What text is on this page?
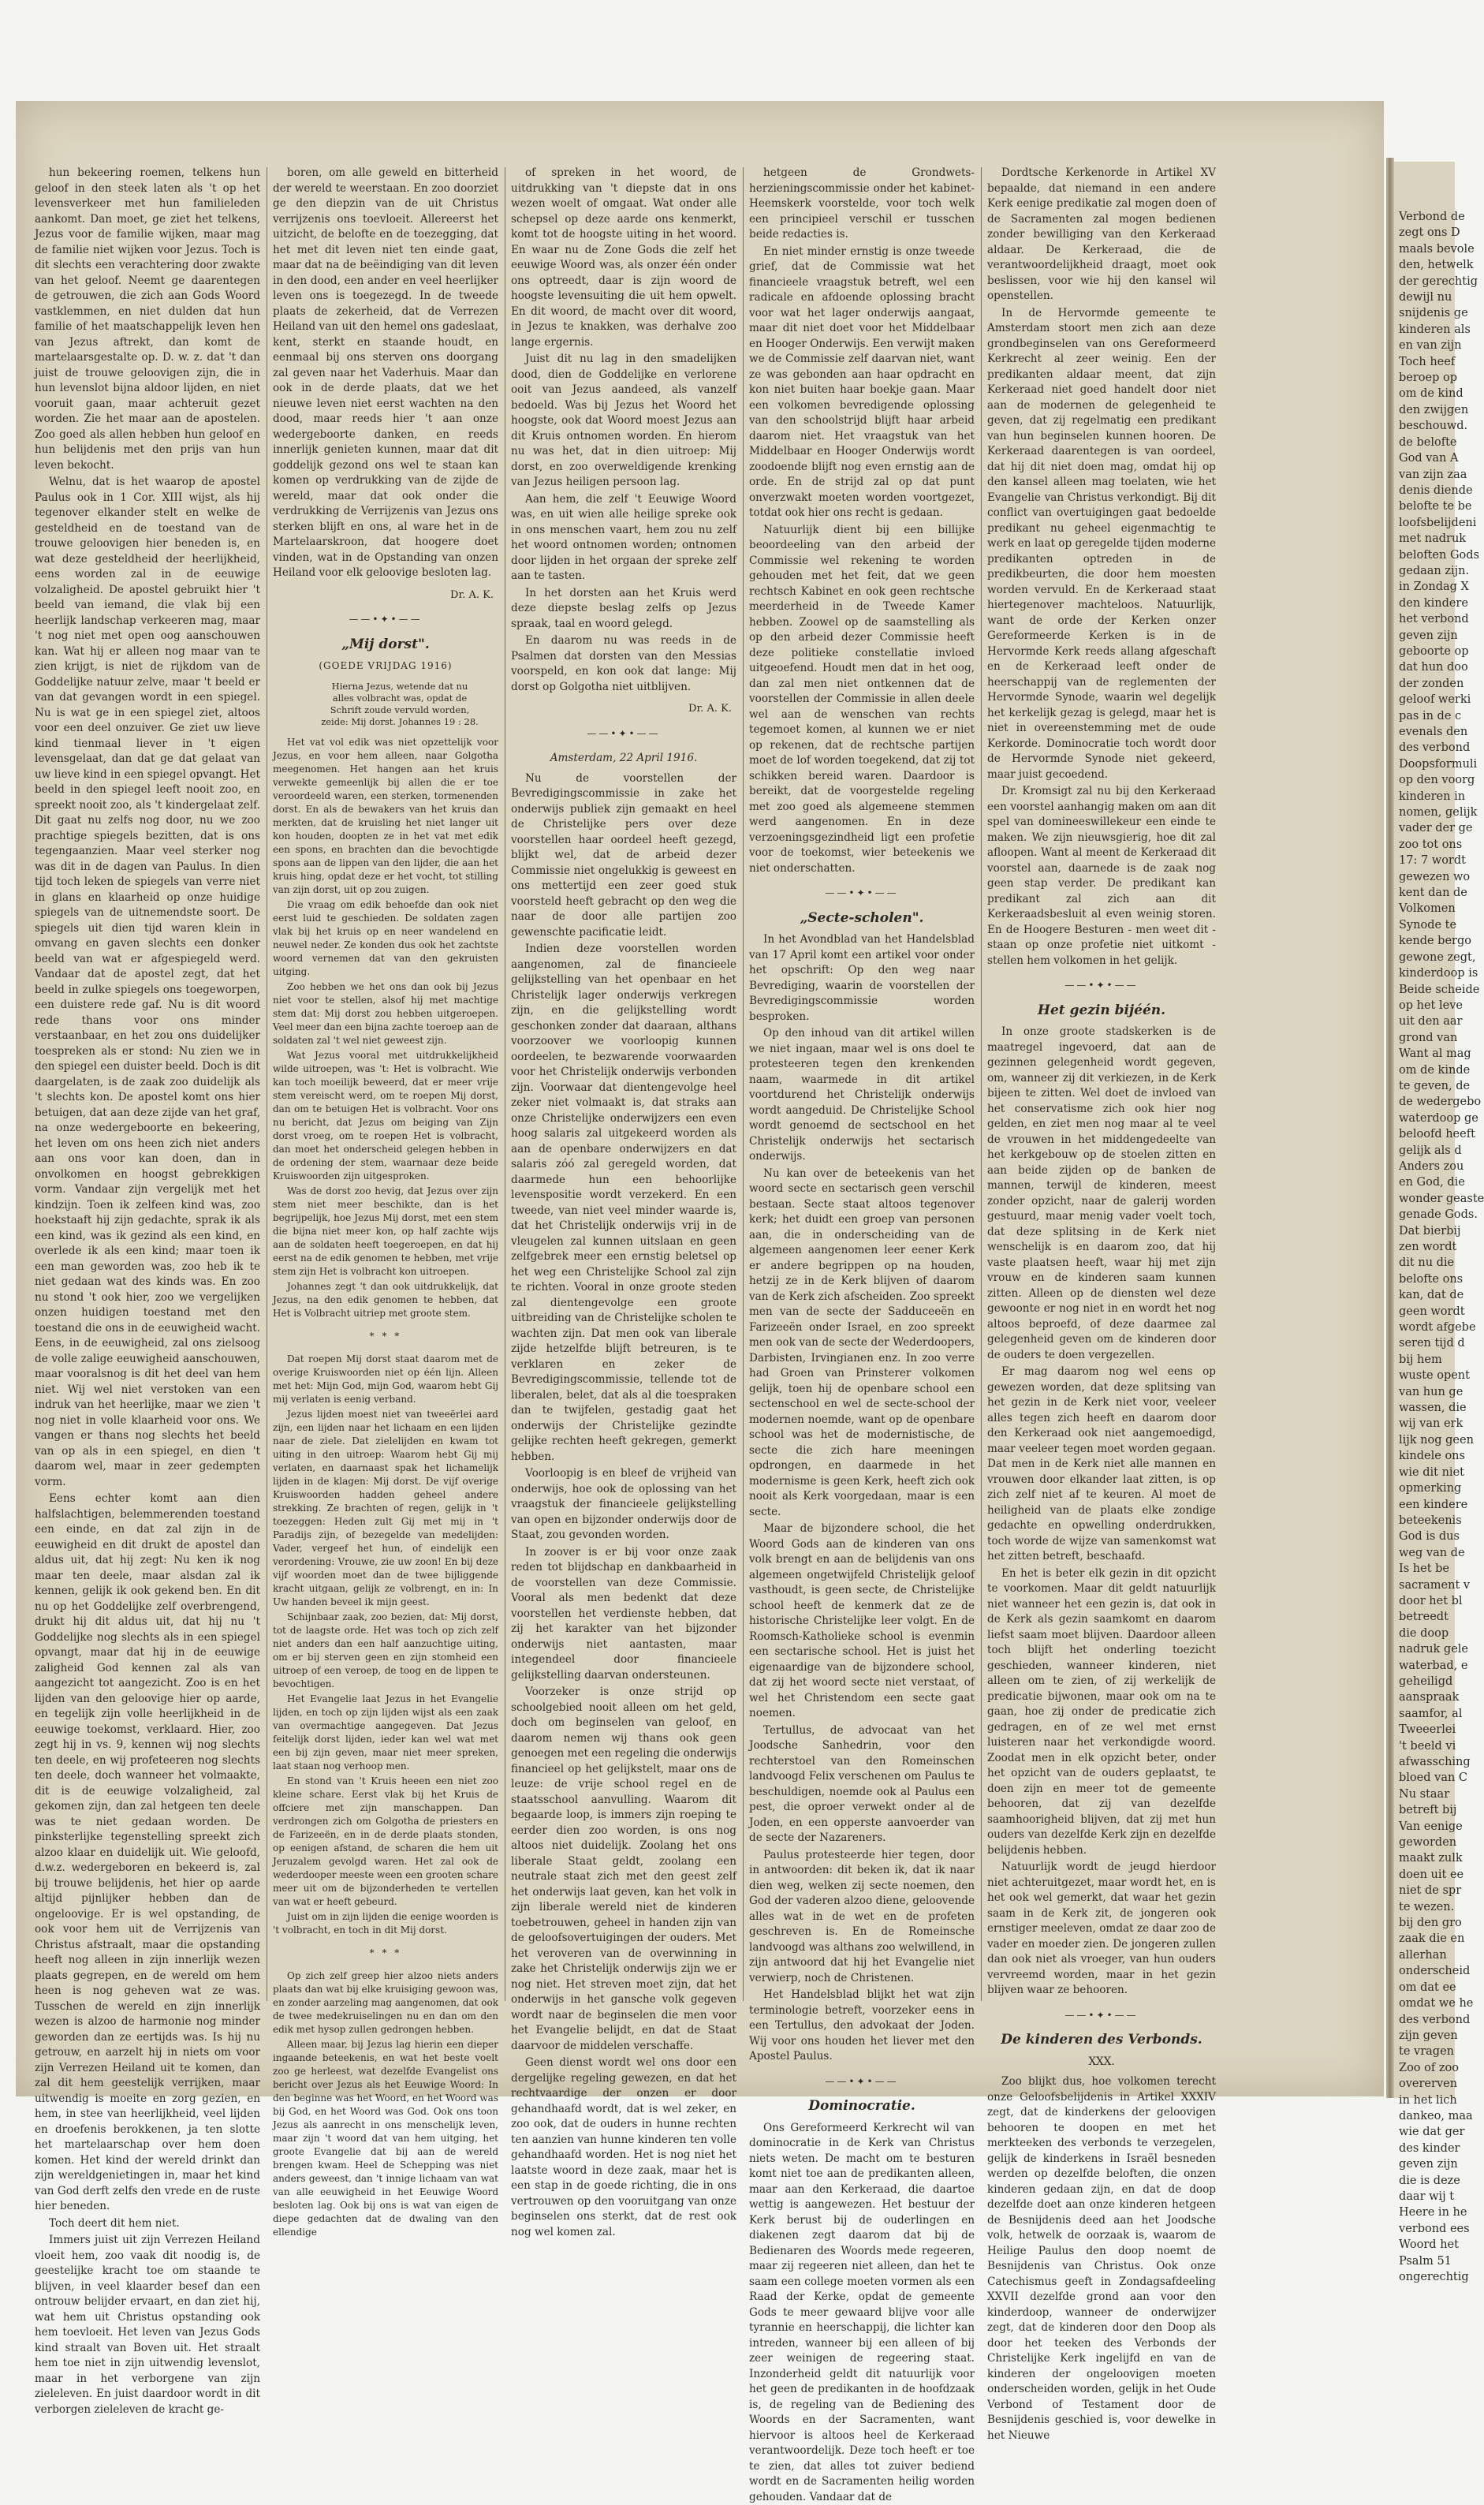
Verbond de
zegt ons D
maals bevole
den, hetwelk
der gerechtig
dewijl nu
snijdenis ge
kinderen als
en van zijn
Toch heef
beroep op
om de kind
den zwijgen
beschouwd.
de belofte
God van A
van zijn zaa
denis diende
belofte te be
loofsbelijdeni
met nadruk
beloften Gods
gedaan zijn.
in Zondag X
den kindere
het verbond
geven zijn
geboorte op
dat hun doo
der zonden
geloof werki
pas in de c
evenals den
des verbond
Doopsformuli
op den voorg
kinderen in
nomen, gelijk
vader der ge
zoo tot ons
17: 7 wordt
gewezen wo
kent dan de
Volkomen
Synode te
kende bergo
gewone zegt,
kinderdoop is
Beide scheide
op het leve
uit den aar
grond van
Want al mag
om de kinde
te geven, de
de wedergebo
waterdoop ge
beloofd heeft
gelijk als d
Anders zou
en God, die
wonder geaste
genade Gods.
Dat bierbij
zen wordt
dit nu die
belofte ons
kan, dat de
geen wordt
wordt afgebe
seren tijd d
bij hem
wuste opent
van hun ge
wassen, die
wij van erk
lijk nog geen
kindele ons
wie dit niet
opmerking
een kindere
beteekenis
God is dus
weg van de
Is het be
sacrament v
door het bl
betreedt
die doop
nadruk gele
waterbad, e
geheiligd
aanspraak
saamfor, al
Tweeerlei
't beeld vi
afwassching
bloed van C
Nu staar
betreft bij
Van eenige
geworden
maakt zulk
doen uit ee
niet de spr
te wezen.
bij den gro
zaak die en
allerhan
onderscheid
om dat ee
omdat we he
des verbond
zijn geven
te vragen
Zoo of zoo
overerven
in het lich
dankeo, maa
wie dat ger
des kinder
geven zijn
die is deze
daar wij t
Heere in he
verbond ees
Woord het
Psalm 51
ongerechtig

hun bekeering roemen, telkens hun geloof in den steek laten als 't op het levensverkeer met hun familieleden aankomt. Dan moet, ge ziet het telkens, Jezus voor de familie wijken, maar mag de familie niet wijken voor Jezus. Toch is dit slechts een verachtering door zwakte van het geloof. Neemt ge daarentegen de getrouwen, die zich aan Gods Woord vastklemmen, en niet dulden dat hun familie of het maatschappelijk leven hen van Jezus aftrekt, dan komt de martelaarsgestalte op. D. w. z. dat 't dan juist de trouwe geloovigen zijn, die in hun levenslot bijna aldoor lijden, en niet vooruit gaan, maar achteruit gezet worden. Zie het maar aan de apostelen. Zoo goed als allen hebben hun geloof en hun belijdenis met den prijs van hun leven bekocht.

Welnu, dat is het waarop de apostel Paulus ook in 1 Cor. XIII wijst, als hij tegenover elkander stelt en welke de gesteldheid en de toestand van de trouwe geloovigen hier beneden is, en wat deze gesteldheid der heerlijkheid, eens worden zal in de eeuwige volzaligheid. De apostel gebruikt hier 't beeld van iemand, die vlak bij een heerlijk landschap verkeeren mag, maar 't nog niet met open oog aanschouwen kan. Wat hij er alleen nog maar van te zien krijgt, is niet de rijkdom van de Goddelijke natuur zelve, maar 't beeld er van dat gevangen wordt in een spiegel. Nu is wat ge in een spiegel ziet, altoos voor een deel onzuiver. Ge ziet uw lieve kind tienmaal liever in 't eigen levensgelaat, dan dat ge dat gelaat van uw lieve kind in een spiegel opvangt. Het beeld in den spiegel leeft nooit zoo, en spreekt nooit zoo, als 't kindergelaat zelf. Dit gaat nu zelfs nog door, nu we zoo prachtige spiegels bezitten, dat is ons tegengaanzien. Maar veel sterker nog was dit in de dagen van Paulus. In dien tijd toch leken de spiegels van verre niet in glans en klaarheid op onze huidige spiegels van de uitnemendste soort. De spiegels uit dien tijd waren klein in omvang en gaven slechts een donker beeld van wat er afgespiegeld werd. Vandaar dat de apostel zegt, dat het beeld in zulke spiegels ons toegeworpen, een duistere rede gaf. Nu is dit woord rede thans voor ons minder verstaanbaar, en het zou ons duidelijker toespreken als er stond: Nu zien we in den spiegel een duister beeld. Doch is dit daargelaten, is de zaak zoo duidelijk als 't slechts kon. De apostel komt ons hier betuigen, dat aan deze zijde van het graf, na onze wedergeboorte en bekeering, het leven om ons heen zich niet anders aan ons voor kan doen, dan in onvolkomen en hoogst gebrekkigen vorm. Vandaar zijn vergelijk met het kindzijn. Toen ik zelfeen kind was, zoo hoekstaaft hij zijn gedachte, sprak ik als een kind, was ik gezind als een kind, en overlede ik als een kind; maar toen ik een man geworden was, zoo heb ik te niet gedaan wat des kinds was. En zoo nu stond 't ook hier, zoo we vergelijken onzen huidigen toestand met den toestand die ons in de eeuwigheid wacht. Eens, in de eeuwigheid, zal ons zielsoog de volle zalige eeuwigheid aanschouwen, maar vooralsnog is dit het deel van hem niet. Wij wel niet verstoken van een indruk van het heerlijke, maar we zien 't nog niet in volle klaarheid voor ons. We vangen er thans nog slechts het beeld van op als in een spiegel, en dien 't daarom wel, maar in zeer gedempten vorm.

Eens echter komt aan dien halfslachtigen, belemmerenden toestand een einde, en dat zal zijn in de eeuwigheid en dit drukt de apostel dan aldus uit, dat hij zegt: Nu ken ik nog maar ten deele, maar alsdan zal ik kennen, gelijk ik ook gekend ben. En dit nu op het Goddelijke zelf overbrengend, drukt hij dit aldus uit, dat hij nu 't Goddelijke nog slechts als in een spiegel opvangt, maar dat hij in de eeuwige zaligheid God kennen zal als van aangezicht tot aangezicht. Zoo is en het lijden van den geloovige hier op aarde, en tegelijk zijn volle heerlijkheid in de eeuwige toekomst, verklaard. Hier, zoo zegt hij in vs. 9, kennen wij nog slechts ten deele, en wij profeteeren nog slechts ten deele, doch wanneer het volmaakte, dit is de eeuwige volzaligheid, zal gekomen zijn, dan zal hetgeen ten deele was te niet gedaan worden. De pinksterlijke tegenstelling spreekt zich alzoo klaar en duidelijk uit. Wie geloofd, d.w.z. wedergeboren en bekeerd is, zal bij trouwe belijdenis, het hier op aarde altijd pijnlijker hebben dan de ongeloovige. Er is wel opstanding, de ook voor hem uit de Verrijzenis van Christus afstraalt, maar die opstanding heeft nog alleen in zijn innerlijk wezen plaats gegrepen, en de wereld om hem heen is nog geheven wat ze was. Tusschen de wereld en zijn innerlijk wezen is alzoo de harmonie nog minder geworden dan ze eertijds was. Is hij nu getrouw, en aarzelt hij in niets om voor zijn Verrezen Heiland uit te komen, dan zal dit hem geestelijk verrijken, maar uitwendig is moeite en zorg gezien, en hem, in stee van heerlijkheid, veel lijden en droefenis berokkenen, ja ten slotte het martelaarschap over hem doen komen. Het kind der wereld drinkt dan zijn wereldgenietingen in, maar het kind van God derft zelfs den vrede en de ruste hier beneden.

Toch deert dit hem niet.

Immers juist uit zijn Verrezen Heiland vloeit hem, zoo vaak dit noodig is, de geestelijke kracht toe om staande te blijven, in veel klaarder besef dan een ontrouw belijder ervaart, en dan ziet hij, wat hem uit Christus opstanding ook hem toevloeit. Het leven van Jezus Gods kind straalt van Boven uit. Het straalt hem toe niet in zijn uitwendig levenslot, maar in het verborgene van zijn zieleleven. En juist daardoor wordt in dit verborgen zieleleven de kracht ge-

boren, om alle geweld en bitterheid der wereld te weerstaan. En zoo doorziet ge den diepzin van de uit Christus verrijzenis ons toevloeit. Allereerst het uitzicht, de belofte en de toezegging, dat het met dit leven niet ten einde gaat, maar dat na de beëindiging van dit leven in den dood, een ander en veel heerlijker leven ons is toegezegd. In de tweede plaats de zekerheid, dat de Verrezen Heiland van uit den hemel ons gadeslaat, kent, sterkt en staande houdt, en eenmaal bij ons sterven ons doorgang zal geven naar het Vaderhuis. Maar dan ook in de derde plaats, dat we het nieuwe leven niet eerst wachten na den dood, maar reeds hier 't aan onze wedergeboorte danken, en reeds innerlijk genieten kunnen, maar dat dit goddelijk gezond ons wel te staan kan komen op verdrukking van de zijde de wereld, maar dat ook onder die verdrukking de Verrijzenis van Jezus ons sterken blijft en ons, al ware het in de Martelaarskroon, dat hoogere doet vinden, wat in de Opstanding van onzen Heiland voor elk geloovige besloten lag.

Dr. A. K.

——•✦•——

„Mij dorst".

(GOEDE VRIJDAG 1916)

Hierna Jezus, wetende dat nu alles volbracht was, opdat de Schrift zoude vervuld worden, zeide: Mij dorst. Johannes 19 : 28.

Het vat vol edik was niet opzettelijk voor Jezus, en voor hem alleen, naar Golgotha meegenomen. Het hangen aan het kruis verwekte gemeenlijk bij allen die er toe veroordeeld waren, een sterken, tormenenden dorst. En als de bewakers van het kruis dan merkten, dat de kruisling het niet langer uit kon houden, doopten ze in het vat met edik een spons, en brachten dan die bevochtigde spons aan de lippen van den lijder, die aan het kruis hing, opdat deze er het vocht, tot stilling van zijn dorst, uit op zou zuigen.

Die vraag om edik behoefde dan ook niet eerst luid te geschieden. De soldaten zagen vlak bij het kruis op en neer wandelend en neuwel neder. Ze konden dus ook het zachtste woord vernemen dat van den gekruisten uitging.

Zoo hebben we het ons dan ook bij Jezus niet voor te stellen, alsof hij met machtige stem dat: Mij dorst zou hebben uitgeroepen. Veel meer dan een bijna zachte toeroep aan de soldaten zal 't wel niet geweest zijn.

Wat Jezus vooral met uitdrukkelijkheid wilde uitroepen, was 't: Het is volbracht. Wie kan toch moeilijk beweerd, dat er meer vrije stem vereischt werd, om te roepen Mij dorst, dan om te betuigen Het is volbracht. Voor ons nu bericht, dat Jezus om beiging van Zijn dorst vroeg, om te roepen Het is volbracht, dan moet het onderscheid gelegen hebben in de ordening der stem, waarnaar deze beide Kruiswoorden zijn uitgesproken.

Was de dorst zoo hevig, dat Jezus over zijn stem niet meer beschikte, dan is het begrijpelijk, hoe Jezus Mij dorst, met een stem die bijna niet meer kon, op half zachte wijs aan de soldaten heeft toegeroepen, en dat hij eerst na de edik genomen te hebben, met vrije stem zijn Het is volbracht kon uitroepen.

Johannes zegt 't dan ook uitdrukkelijk, dat Jezus, na den edik genomen te hebben, dat Het is Volbracht uitriep met groote stem.

* * *

Dat roepen Mij dorst staat daarom met de overige Kruiswoorden niet op één lijn. Alleen met het: Mijn God, mijn God, waarom hebt Gij mij verlaten is eenig verband.

Jezus lijden moest niet van tweeërlei aard zijn, een lijden naar het lichaam en een lijden naar de ziele. Dat zielelijden en kwam tot uiting in den uitroep: Waarom hebt Gij mij verlaten, en daarnaast spak het lichamelijk lijden in de klagen: Mij dorst. De vijf overige Kruiswoorden hadden geheel andere strekking. Ze brachten of regen, gelijk in 't toezeggen: Heden zult Gij met mij in 't Paradijs zijn, of bezegelde van medelijden: Vader, vergeef het hun, of eindelijk een verordening: Vrouwe, zie uw zoon! En bij deze vijf woorden moet dan de twee bijliggende kracht uitgaan, gelijk ze volbrengt, en in: In Uw handen beveel ik mijn geest.

Schijnbaar zaak, zoo bezien, dat: Mij dorst, tot de laagste orde. Het was toch op zich zelf niet anders dan een half aanzuchtige uiting, om er bij sterven geen en zijn stomheid een uitroep of een veroep, de toog en de lippen te bevochtigen.

Het Evangelie laat Jezus in het Evangelie lijden, en toch op zijn lijden wijst als een zaak van overmachtige aangegeven. Dat Jezus feitelijk dorst lijden, ieder kan wel wat met een bij zijn geven, maar niet meer spreken, laat staan nog verhoop men.

En stond van 't Kruis heeen een niet zoo kleine schare. Eerst vlak bij het Kruis de offciere met zijn manschappen. Dan verdrongen zich om Golgotha de priesters en de Farizeeën, en in de derde plaats stonden, op eenigen afstand, de scharen die hem uit Jeruzalem gevolgd waren. Het zal ook de wederdooper meeste ween een grooten schare meer uit om de bijzonderheden te vertellen van wat er heeft gebeurd.

Juist om in zijn lijden die eenige woorden is 't volbracht, en toch in dit Mij dorst.

* * *

Op zich zelf greep hier alzoo niets anders plaats dan wat bij elke kruisiging gewoon was, en zonder aarzeling mag aangenomen, dat ook de twee medekruiselingen nu en dan om den edik met hysop zullen gedrongen hebben.

Alleen maar, bij Jezus lag hierin een dieper ingaande beteekenis, en wat het beste voelt zoo ge herleest, wat dezelfde Evangelist ons bericht over Jezus als het Eeuwige Woord: In den beginne was het Woord, en het Woord was bij God, en het Woord was God. Ook ons toon Jezus als aanrecht in ons menschelijk leven, maar zijn 't woord dat van hem uitging, het groote Evangelie dat bij aan de wereld brengen kwam. Heel de Schepping was niet anders geweest, dan 't innige lichaam van wat van alle eeuwigheid in het Eeuwige Woord besloten lag. Ook bij ons is wat van eigen de diepe gedachten dat de dwaling van den ellendige

of spreken in het woord, de uitdrukking van 't diepste dat in ons wezen woelt of omgaat. Wat onder alle schepsel op deze aarde ons kenmerkt, komt tot de hoogste uiting in het woord. En waar nu de Zone Gods die zelf het eeuwige Woord was, als onzer één onder ons optreedt, daar is zijn woord de hoogste levensuiting die uit hem opwelt. En dit woord, de macht over dit woord, in Jezus te knakken, was derhalve zoo lange ergernis.

Juist dit nu lag in den smadelijken dood, dien de Goddelijke en verlorene ooit van Jezus aandeed, als vanzelf bedoeld. Was bij Jezus het Woord het hoogste, ook dat Woord moest Jezus aan dit Kruis ontnomen worden. En hierom nu was het, dat in dien uitroep: Mij dorst, en zoo overweldigende krenking van Jezus heiligen persoon lag.

Aan hem, die zelf 't Eeuwige Woord was, en uit wien alle heilige spreke ook in ons menschen vaart, hem zou nu zelf het woord ontnomen worden; ontnomen door lijden in het orgaan der spreke zelf aan te tasten.

In het dorsten aan het Kruis werd deze diepste beslag zelfs op Jezus spraak, taal en woord gelegd.

En daarom nu was reeds in de Psalmen dat dorsten van den Messias voorspeld, en kon ook dat lange: Mij dorst op Golgotha niet uitblijven.

Dr. A. K.

——•✦•——

Amsterdam, 22 April 1916.

Nu de voorstellen der Bevredigingscommissie in zake het onderwijs publiek zijn gemaakt en heel de Christelijke pers over deze voorstellen haar oordeel heeft gezegd, blijkt wel, dat de arbeid dezer Commissie niet ongelukkig is geweest en ons mettertijd een zeer goed stuk voorsteld heeft gebracht op den weg die naar de door alle partijen zoo gewenschte pacificatie leidt.

Indien deze voorstellen worden aangenomen, zal de financieele gelijkstelling van het openbaar en het Christelijk lager onderwijs verkregen zijn, en die gelijkstelling wordt geschonken zonder dat daaraan, althans voorzoover we voorloopig kunnen oordeelen, te bezwarende voorwaarden voor het Christelijk onderwijs verbonden zijn. Voorwaar dat dientengevolge heel zeker niet volmaakt is, dat straks aan onze Christelijke onderwijzers een even hoog salaris zal uitgekeerd worden als aan de openbare onderwijzers en dat salaris zóó zal geregeld worden, dat daarmede hun een behoorlijke levenspositie wordt verzekerd. En een tweede, van niet veel minder waarde is, dat het Christelijk onderwijs vrij in de vleugelen zal kunnen uitslaan en geen zelfgebrek meer een ernstig beletsel op het weg een Christelijke School zal zijn te richten. Vooral in onze groote steden zal dientengevolge een groote uitbreiding van de Christelijke scholen te wachten zijn. Dat men ook van liberale zijde hetzelfde blijft betreuren, is te verklaren en zeker de Bevredigingscommissie, tellende tot de liberalen, belet, dat als al die toespraken dan te twijfelen, gestadig gaat het onderwijs der Christelijke gezindte gelijke rechten heeft gekregen, gemerkt hebben.

Voorloopig is en bleef de vrijheid van onderwijs, hoe ook de oplossing van het vraagstuk der financieele gelijkstelling van open en bijzonder onderwijs door de Staat, zou gevonden worden.

In zoover is er bij voor onze zaak reden tot blijdschap en dankbaarheid in de voorstellen van deze Commissie. Vooral als men bedenkt dat deze voorstellen het verdienste hebben, dat zij het karakter van het bijzonder onderwijs niet aantasten, maar integendeel door financieele gelijkstelling daarvan ondersteunen.

Voorzeker is onze strijd op schoolgebied nooit alleen om het geld, doch om beginselen van geloof, en daarom nemen wij thans ook geen genoegen met een regeling die onderwijs financieel op het gelijkstelt, maar ons de leuze: de vrije school regel en de staatsschool aanvulling. Waarom dit begaarde loop, is immers zijn roeping te eerder dien zoo worden, is ons nog altoos niet duidelijk. Zoolang het ons liberale Staat geldt, zoolang een neutrale staat zich met den geest zelf het onderwijs laat geven, kan het volk in zijn liberale wereld niet de kinderen toebetrouwen, geheel in handen zijn van de geloofsovertuigingen der ouders. Met het veroveren van de overwinning in zake het Christelijk onderwijs zijn we er nog niet. Het streven moet zijn, dat het onderwijs in het gansche volk gegeven wordt naar de beginselen die men voor het Evangelie belijdt, en dat de Staat daarvoor de middelen verschaffe.

Geen dienst wordt wel ons door een dergelijke regeling gewezen, en dat het rechtvaardige der onzen er door gehandhaafd wordt, dat is wel zeker, en zoo ook, dat de ouders in hunne rechten ten aanzien van hunne kinderen ten volle gehandhaafd worden. Het is nog niet het laatste woord in deze zaak, maar het is een stap in de goede richting, die in ons vertrouwen op den vooruitgang van onze beginselen ons sterkt, dat de rest ook nog wel komen zal.

hetgeen de Grondwets-herzieningscommissie onder het kabinet-Heemskerk voorstelde, voor toch welk een principieel verschil er tusschen beide redacties is.

En niet minder ernstig is onze tweede grief, dat de Commissie wat het financieele vraagstuk betreft, wel een radicale en afdoende oplossing bracht voor wat het lager onderwijs aangaat, maar dit niet doet voor het Middelbaar en Hooger Onderwijs. Een verwijt maken we de Commissie zelf daarvan niet, want ze was gebonden aan haar opdracht en kon niet buiten haar boekje gaan. Maar een volkomen bevredigende oplossing van den schoolstrijd blijft haar arbeid daarom niet. Het vraagstuk van het Middelbaar en Hooger Onderwijs wordt zoodoende blijft nog even ernstig aan de orde. En de strijd zal op dat punt onverzwakt moeten worden voortgezet, totdat ook hier ons recht is gedaan.

Natuurlijk dient bij een billijke beoordeeling van den arbeid der Commissie wel rekening te worden gehouden met het feit, dat we geen rechtsch Kabinet en ook geen rechtsche meerderheid in de Tweede Kamer hebben. Zoowel op de saamstelling als op den arbeid dezer Commissie heeft deze politieke constellatie invloed uitgeoefend. Houdt men dat in het oog, dan zal men niet ontkennen dat de voorstellen der Commissie in allen deele wel aan de wenschen van rechts tegemoet komen, al kunnen we er niet op rekenen, dat de rechtsche partijen moet de lof worden toegekend, dat zij tot schikken bereid waren. Daardoor is bereikt, dat de voorgestelde regeling met zoo goed als algemeene stemmen werd aangenomen. En in deze verzoeningsgezindheid ligt een profetie voor de toekomst, wier beteekenis we niet onderschatten.

——•✦•——

„Secte-scholen".

In het Avondblad van het Handelsblad van 17 April komt een artikel voor onder het opschrift: Op den weg naar Bevrediging, waarin de voorstellen der Bevredigingscommissie worden besproken.

Op den inhoud van dit artikel willen we niet ingaan, maar wel is ons doel te protesteeren tegen den krenkenden naam, waarmede in dit artikel voortdurend het Christelijk onderwijs wordt aangeduid. De Christelijke School wordt genoemd de sectschool en het Christelijk onderwijs het sectarisch onderwijs.

Nu kan over de beteekenis van het woord secte en sectarisch geen verschil bestaan. Secte staat altoos tegenover kerk; het duidt een groep van personen aan, die in onderscheiding van de algemeen aangenomen leer eener Kerk er andere begrippen op na houden, hetzij ze in de Kerk blijven of daarom van de Kerk zich afscheiden. Zoo spreekt men van de secte der Sadduceeën en Farizeeën onder Israel, en zoo spreekt men ook van de secte der Wederdoopers, Darbisten, Irvingianen enz. In zoo verre had Groen van Prinsterer volkomen gelijk, toen hij de openbare school een sectenschool en wel de secte-school der modernen noemde, want op de openbare school was het de modernistische, de secte die zich hare meeningen opdrongen, en daarmede in het modernisme is geen Kerk, heeft zich ook nooit als Kerk voorgedaan, maar is een secte.

Maar de bijzondere school, die het Woord Gods aan de kinderen van ons volk brengt en aan de belijdenis van ons algemeen ongetwijfeld Christelijk geloof vasthoudt, is geen secte, de Christelijke school heeft de kenmerk dat ze de historische Christelijke leer volgt. En de Roomsch-Katholieke school is evenmin een sectarische school. Het is juist het eigenaardige van de bijzondere school, dat zij het woord secte niet verstaat, of wel het Christendom een secte gaat noemen.

Tertullus, de advocaat van het Joodsche Sanhedrin, voor den rechterstoel van den Romeinschen landvoogd Felix verschenen om Paulus te beschuldigen, noemde ook al Paulus een pest, die oproer verwekt onder al de Joden, en een opperste aanvoerder van de secte der Nazareners.

Paulus protesteerde hier tegen, door in antwoorden: dit beken ik, dat ik naar dien weg, welken zij secte noemen, den God der vaderen alzoo diene, geloovende alles wat in de wet en de profeten geschreven is. En de Romeinsche landvoogd was althans zoo welwillend, in zijn antwoord dat hij het Evangelie niet verwierp, noch de Christenen.

Het Handelsblad blijkt het wat zijn terminologie betreft, voorzeker eens in een Tertullus, den advokaat der Joden. Wij voor ons houden het liever met den Apostel Paulus.

——•✦•——

Dominocratie.

Ons Gereformeerd Kerkrecht wil van dominocratie in de Kerk van Christus niets weten. De macht om te besturen komt niet toe aan de predikanten alleen, maar aan den Kerkeraad, die daartoe wettig is aangewezen. Het bestuur der Kerk berust bij de ouderlingen en diakenen zegt daarom dat bij de Bedienaren des Woords mede regeeren, maar zij regeeren niet alleen, dan het te saam een college moeten vormen als een Raad der Kerke, opdat de gemeente Gods te meer gewaard blijve voor alle tyrannie en heerschappij, die lichter kan intreden, wanneer bij een alleen of bij zeer weinigen de regeering staat. Inzonderheid geldt dit natuurlijk voor het geen de predikanten in de hoofdzaak is, de regeling van de Bediening des Woords en der Sacramenten, want hiervoor is altoos heel de Kerkeraad verantwoordelijk. Deze toch heeft er toe te zien, dat alles tot zuiver bediend wordt en de Sacramenten heilig worden gehouden. Vandaar dat de

Dordtsche Kerkenorde in Artikel XV bepaalde, dat niemand in een andere Kerk eenige predikatie zal mogen doen of de Sacramenten zal mogen bedienen zonder bewilliging van den Kerkeraad aldaar. De Kerkeraad, die de verantwoordelijkheid draagt, moet ook beslissen, voor wie hij den kansel wil openstellen.

In de Hervormde gemeente te Amsterdam stoort men zich aan deze grondbeginselen van ons Gereformeerd Kerkrecht al zeer weinig. Een der predikanten aldaar meent, dat zijn Kerkeraad niet goed handelt door niet aan de modernen de gelegenheid te geven, dat zij regelmatig een predikant van hun beginselen kunnen hooren. De Kerkeraad daarentegen is van oordeel, dat hij dit niet doen mag, omdat hij op den kansel alleen mag toelaten, wie het Evangelie van Christus verkondigt. Bij dit conflict van overtuigingen gaat bedoelde predikant nu geheel eigenmachtig te werk en laat op geregelde tijden moderne predikanten optreden in de predikbeurten, die door hem moesten worden vervuld. En de Kerkeraad staat hiertegenover machteloos. Natuurlijk, want de orde der Kerken onzer Gereformeerde Kerken is in de Hervormde Kerk reeds allang afgeschaft en de Kerkeraad leeft onder de heerschappij van de reglementen der Hervormde Synode, waarin wel degelijk het kerkelijk gezag is gelegd, maar het is niet in overeenstemming met de oude Kerkorde. Dominocratie toch wordt door de Hervormde Synode niet gekeerd, maar juist gecoedend.

Dr. Kromsigt zal nu bij den Kerkeraad een voorstel aanhangig maken om aan dit spel van domineeswillekeur een einde te maken. We zijn nieuwsgierig, hoe dit zal afloopen. Want al meent de Kerkeraad dit voorstel aan, daarnede is de zaak nog geen stap verder. De predikant kan predikant zal zich aan dit Kerkeraadsbesluit al even weinig storen. En de Hoogere Besturen - men weet dit - staan op onze profetie niet uitkomt - stellen hem volkomen in het gelijk.

——•✦•——

Het gezin bijéén.

In onze groote stadskerken is de maatregel ingevoerd, dat aan de gezinnen gelegenheid wordt gegeven, om, wanneer zij dit verkiezen, in de Kerk bijeen te zitten. Wel doet de invloed van het conservatisme zich ook hier nog gelden, en ziet men nog maar al te veel de vrouwen in het middengedeelte van het kerkgebouw op de stoelen zitten en aan beide zijden op de banken de mannen, terwijl de kinderen, meest zonder opzicht, naar de galerij worden gestuurd, maar menig vader voelt toch, dat deze splitsing in de Kerk niet wenschelijk is en daarom zoo, dat hij vaste plaatsen heeft, waar hij met zijn vrouw en de kinderen saam kunnen zitten. Alleen op de diensten wel deze gewoonte er nog niet in en wordt het nog altoos beproefd, of deze daarmee zal gelegenheid geven om de kinderen door de ouders te doen vergezellen.

Er mag daarom nog wel eens op gewezen worden, dat deze splitsing van het gezin in de Kerk niet voor, veeleer alles tegen zich heeft en daarom door den Kerkeraad ook niet aangemoedigd, maar veeleer tegen moet worden gegaan. Dat men in de Kerk niet alle mannen en vrouwen door elkander laat zitten, is op zich zelf niet af te keuren. Al moet de heiligheid van de plaats elke zondige gedachte en opwelling onderdrukken, toch worde de wijze van samenkomst wat het zitten betreft, beschaafd.

En het is beter elk gezin in dit opzicht te voorkomen. Maar dit geldt natuurlijk niet wanneer het een gezin is, dat ook in de Kerk als gezin saamkomt en daarom liefst saam moet blijven. Daardoor alleen toch blijft het onderling toezicht geschieden, wanneer kinderen, niet alleen om te zien, of zij werkelijk de predicatie bijwonen, maar ook om na te gaan, hoe zij onder de predicatie zich gedragen, en of ze wel met ernst luisteren naar het verkondigde woord. Zoodat men in elk opzicht beter, onder het opzicht van de ouders geplaatst, te doen zijn en meer tot de gemeente behooren, dat zij van dezelfde saamhoorigheid blijven, dat zij met hun ouders van dezelfde Kerk zijn en dezelfde belijdenis hebben.

Natuurlijk wordt de jeugd hierdoor niet achteruitgezet, maar wordt het, en is het ook wel gemerkt, dat waar het gezin saam in de Kerk zit, de jongeren ook ernstiger meeleven, omdat ze daar zoo de vader en moeder zien. De jongeren zullen dan ook niet als vroeger, van hun ouders vervreemd worden, maar in het gezin blijven waar ze behooren.

——•✦•——

De kinderen des Verbonds.

XXX.

Zoo blijkt dus, hoe volkomen terecht onze Geloofsbelijdenis in Artikel XXXIV zegt, dat de kinderkens der geloovigen behooren te doopen en met het merkteeken des verbonds te verzegelen, gelijk de kinderkens in Israël besneden werden op dezelfde beloften, die onzen kinderen gedaan zijn, en dat de doop dezelfde doet aan onze kinderen hetgeen de Besnijdenis deed aan het Joodsche volk, hetwelk de oorzaak is, waarom de Heilige Paulus den doop noemt de Besnijdenis van Christus. Ook onze Catechismus geeft in Zondagsafdeeling XXVII dezelfde grond aan voor den kinderdoop, wanneer de onderwijzer zegt, dat de kinderen door den Doop als door het teeken des Verbonds der Christelijke Kerk ingelijfd en van de kinderen der ongeloovigen moeten onderscheiden worden, gelijk in het Oude Verbond of Testament door de Besnijdenis geschied is, voor dewelke in het Nieuwe
